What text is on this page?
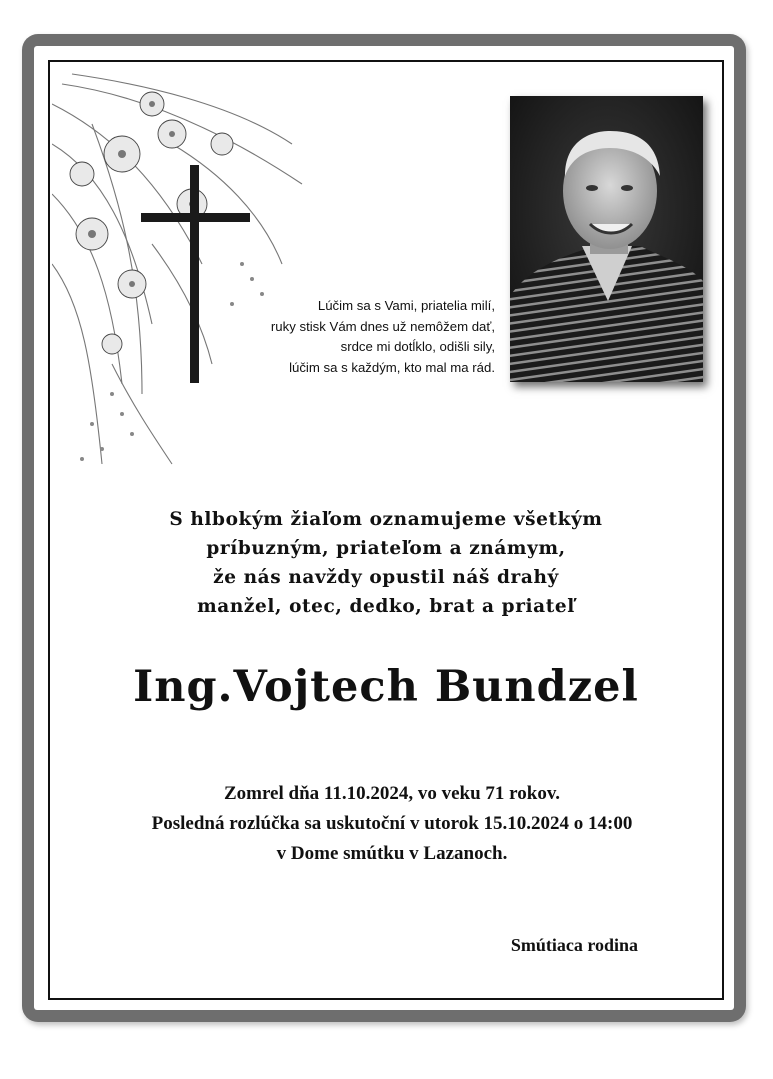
Lúčim sa s Vami, priatelia milí,
ruky stisk Vám dnes už nemôžem dať,
srdce mi dotĺklo, odišli sily,
lúčim sa s každým, kto mal ma rád.
S hlbokým žiaľom oznamujeme všetkým
príbuzným, priateľom a známym,
že nás navždy opustil náš drahý
manžel, otec, dedko, brat a priateľ
Ing.Vojtech Bundzel
Zomrel dňa 11.10.2024, vo veku 71 rokov.
Posledná rozlúčka sa uskutoční v utorok 15.10.2024 o 14:00
v Dome smútku v Lazanoch.
Smútiaca rodina
